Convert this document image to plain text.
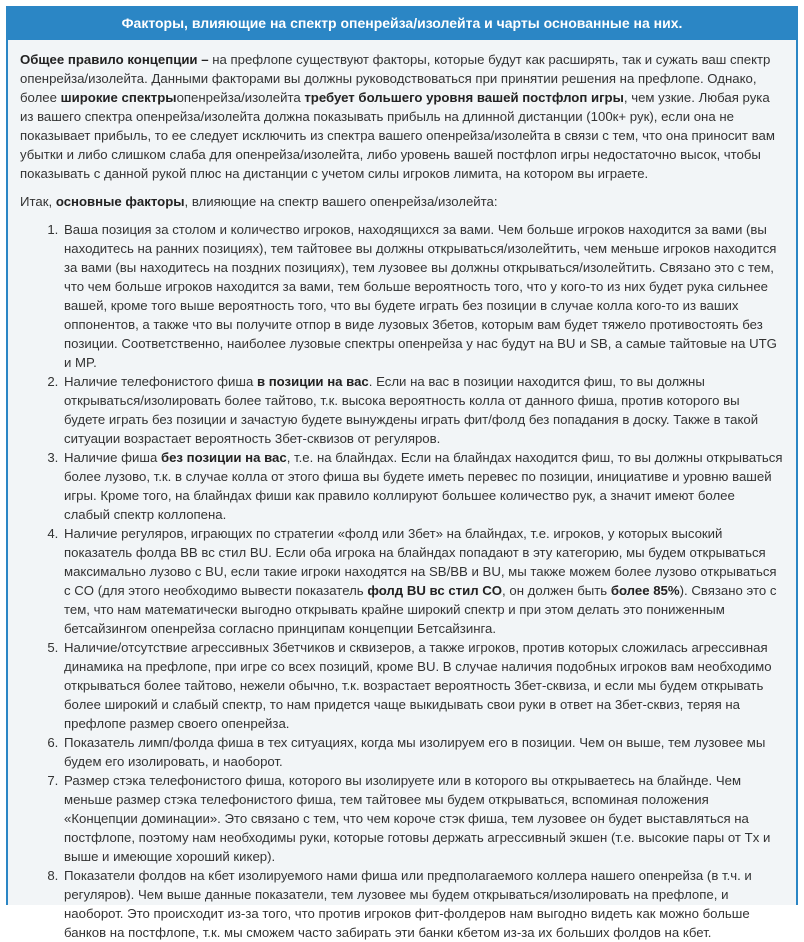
Факторы, влияющие на спектр опенрейза/изолейта и чарты основанные на них.

Общее правило концепции – на префлопе существуют факторы, которые будут как расширять, так и сужать ваш спектр опенрейза/изолейта. Данными факторами вы должны руководствоваться при принятии решения на префлопе. Однако, более широкие спектрыопенрейза/изолейта требует большего уровня вашей постфлоп игры, чем узкие. Любая рука из вашего спектра опенрейза/изолейта должна показывать прибыль на длинной дистанции (100к+ рук), если она не показывает прибыль, то ее следует исключить из спектра вашего опенрейза/изолейта в связи с тем, что она приносит вам убытки и либо слишком слаба для опенрейза/изолейта, либо уровень вашей постфлоп игры недостаточно высок, чтобы показывать с данной рукой плюс на дистанции с учетом силы игроков лимита, на котором вы играете.

Итак, основные факторы, влияющие на спектр вашего опенрейза/изолейта:

1. Ваша позиция за столом и количество игроков, находящихся за вами. Чем больше игроков находится за вами (вы находитесь на ранних позициях), тем тайтовее вы должны открываться/изолейтить, чем меньше игроков находится за вами (вы находитесь на поздних позициях), тем лузовее вы должны открываться/изолейтить. Связано это с тем, что чем больше игроков находится за вами, тем больше вероятность того, что у кого-то из них будет рука сильнее вашей, кроме того выше вероятность того, что вы будете играть без позиции в случае колла кого-то из ваших оппонентов, а также что вы получите отпор в виде лузовых 3бетов, которым вам будет тяжело противостоять без позиции. Соответственно, наиболее лузовые спектры опенрейза у нас будут на BU и SB, а самые тайтовые на UTG и MP.
2. Наличие телефонистого фиша в позиции на вас. Если на вас в позиции находится фиш, то вы должны открываться/изолировать более тайтово, т.к. высока вероятность колла от данного фиша, против которого вы будете играть без позиции и зачастую будете вынуждены играть фит/фолд без попадания в доску. Также в такой ситуации возрастает вероятность 3бет-сквизов от регуляров.
3. Наличие фиша без позиции на вас, т.е. на блайндах. Если на блайндах находится фиш, то вы должны открываться более лузово, т.к. в случае колла от этого фиша вы будете иметь перевес по позиции, инициативе и уровню вашей игры. Кроме того, на блайндах фиши как правило коллируют большее количество рук, а значит имеют более слабый спектр коллопена.
4. Наличие регуляров, играющих по стратегии «фолд или 3бет» на блайндах, т.е. игроков, у которых высокий показатель фолда BB вс стил BU. Если оба игрока на блайндах попадают в эту категорию, мы будем открываться максимально лузово с BU, если такие игроки находятся на SB/BB и BU, мы также можем более лузово открываться с CO (для этого необходимо вывести показатель фолд BU вс стил CO, он должен быть более 85%). Связано это с тем, что нам математически выгодно открывать крайне широкий спектр и при этом делать это пониженным бетсайзингом опенрейза согласно принципам концепции Бетсайзинга.
5. Наличие/отсутствие агрессивных 3бетчиков и сквизеров, а также игроков, против которых сложилась агрессивная динамика на префлопе, при игре со всех позиций, кроме BU. В случае наличия подобных игроков вам необходимо открываться более тайтово, нежели обычно, т.к. возрастает вероятность 3бет-сквиза, и если мы будем открывать более широкий и слабый спектр, то нам придется чаще выкидывать свои руки в ответ на 3бет-сквиз, теряя на префлопе размер своего опенрейза.
6. Показатель лимп/фолда фиша в тех ситуациях, когда мы изолируем его в позиции. Чем он выше, тем лузовее мы будем его изолировать, и наоборот.
7. Размер стэка телефонистого фиша, которого вы изолируете или в которого вы открываетесь на блайнде. Чем меньше размер стэка телефонистого фиша, тем тайтовее мы будем открываться, вспоминая положения «Концепции доминации». Это связано с тем, что чем короче стэк фиша, тем лузовее он будет выставляться на постфлопе, поэтому нам необходимы руки, которые готовы держать агрессивный экшен (т.е. высокие пары от Tx и выше и имеющие хороший кикер).
8. Показатели фолдов на кбет изолируемого нами фиша или предполагаемого коллера нашего опенрейза (в т.ч. и регуляров). Чем выше данные показатели, тем лузовее мы будем открываться/изолировать на префлопе, и наоборот. Это происходит из-за того, что против игроков фит-фолдеров нам выгодно видеть как можно больше банков на постфлопе, т.к. мы сможем часто забирать эти банки кбетом из-за их больших фолдов на кбет.
